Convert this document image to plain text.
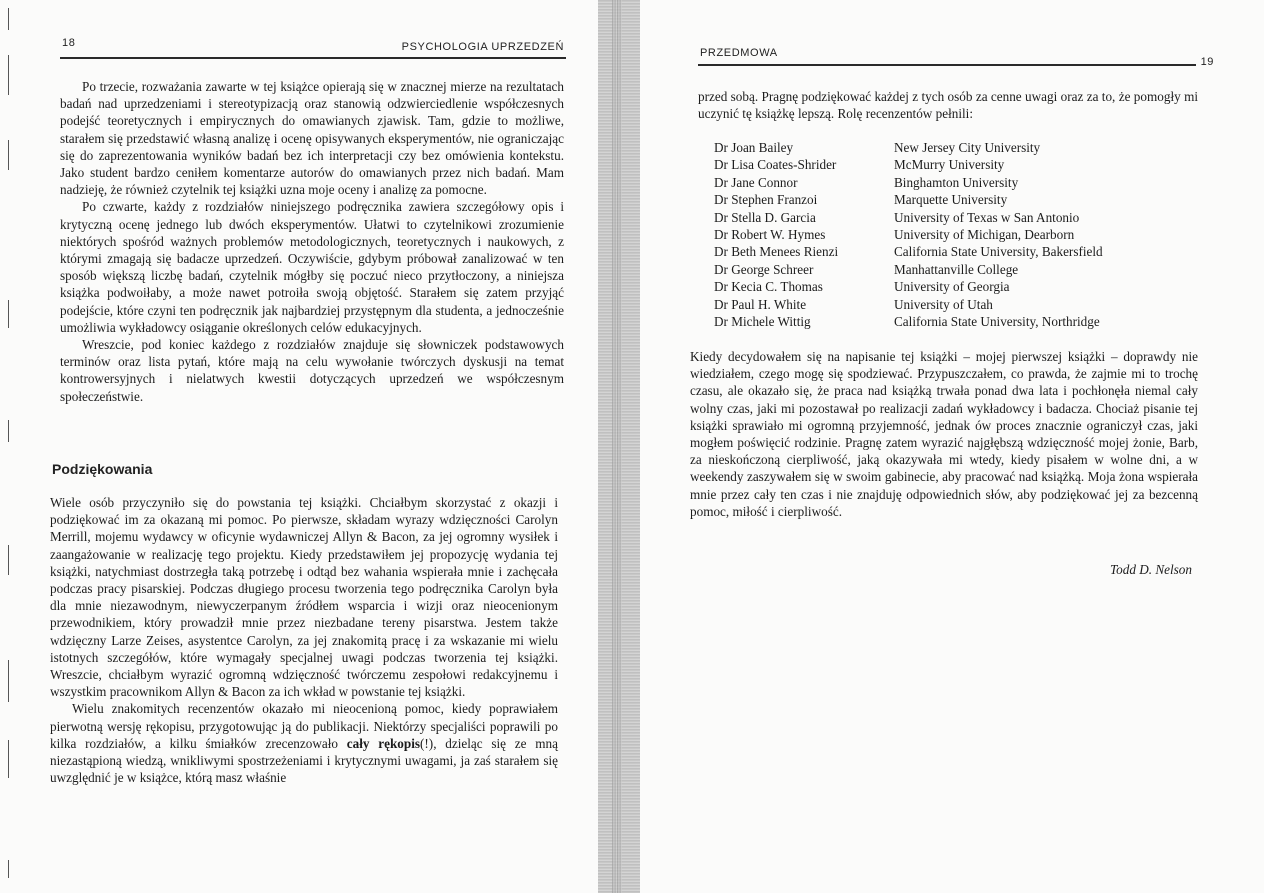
18	PSYCHOLOGIA UPRZEDZEŃ

Po trzecie, rozważania zawarte w tej książce opierają się w znacznej mierze na rezultatach badań nad uprzedzeniami i stereotypizacją oraz stanowią odzwierciedlenie współczesnych podejść teoretycznych i empirycznych do omawianych zjawisk. Tam, gdzie to możliwe, starałem się przedstawić własną analizę i ocenę opisywanych eksperymentów, nie ograniczając się do zaprezentowania wyników badań bez ich interpretacji czy bez omówienia kontekstu. Jako student bardzo ceniłem komentarze autorów do omawianych przez nich badań. Mam nadzieję, że również czytelnik tej książki uzna moje oceny i analizę za pomocne.

Po czwarte, każdy z rozdziałów niniejszego podręcznika zawiera szczegółowy opis i krytyczną ocenę jednego lub dwóch eksperymentów. Ułatwi to czytelnikowi zrozumienie niektórych spośród ważnych problemów metodologicznych, teoretycznych i naukowych, z którymi zmagają się badacze uprzedzeń. Oczywiście, gdybym próbował zanalizować w ten sposób większą liczbę badań, czytelnik mógłby się poczuć nieco przytłoczony, a niniejsza książka podwoiłaby, a może nawet potroiła swoją objętość. Starałem się zatem przyjąć podejście, które czyni ten podręcznik jak najbardziej przystępnym dla studenta, a jednocześnie umożliwia wykładowcy osiąganie określonych celów edukacyjnych.

Wreszcie, pod koniec każdego z rozdziałów znajduje się słowniczek podstawowych terminów oraz lista pytań, które mają na celu wywołanie twórczych dyskusji na temat kontrowersyjnych i nielatwych kwestii dotyczących uprzedzeń we współczesnym społeczeństwie.

Podziękowania

Wiele osób przyczyniło się do powstania tej książki. Chciałbym skorzystać z okazji i podziękować im za okazaną mi pomoc. Po pierwsze, składam wyrazy wdzięczności Carolyn Merrill, mojemu wydawcy w oficynie wydawniczej Allyn & Bacon, za jej ogromny wysiłek i zaangażowanie w realizację tego projektu. Kiedy przedstawiłem jej propozycję wydania tej książki, natychmiast dostrzegła taką potrzebę i odtąd bez wahania wspierała mnie i zachęcała podczas pracy pisarskiej. Podczas długiego procesu tworzenia tego podręcznika Carolyn była dla mnie niezawodnym, niewyczerpanym źródłem wsparcia i wizji oraz nieocenionym przewodnikiem, który prowadził mnie przez niezbadane tereny pisarstwa. Jestem także wdzięczny Larze Zeises, asystentce Carolyn, za jej znakomitą pracę i za wskazanie mi wielu istotnych szczegółów, które wymagały specjalnej uwagi podczas tworzenia tej książki. Wreszcie, chciałbym wyrazić ogromną wdzięczność twórczemu zespołowi redakcyjnemu i wszystkim pracownikom Allyn & Bacon za ich wkład w powstanie tej książki.

Wielu znakomitych recenzentów okazało mi nieocenioną pomoc, kiedy poprawiałem pierwotną wersję rękopisu, przygotowując ją do publikacji. Niektórzy specjaliści poprawili po kilka rozdziałów, a kilku śmiałków zrecenzowało cały rękopis(!), dzieląc się ze mną niezastąpioną wiedzą, wnikliwymi spostrzeżeniami i krytycznymi uwagami, ja zaś starałem się uwzględnić je w książce, którą masz właśnie

PRZEDMOWA
19

przed sobą. Pragnę podziękować każdej z tych osób za cenne uwagi oraz za to, że pomogły mi uczynić tę książkę lepszą. Rolę recenzentów pełnili:

Dr Joan Bailey	New Jersey City University
Dr Lisa Coates-Shrider	McMurry University
Dr Jane Connor	Binghamton University
Dr Stephen Franzoi	Marquette University
Dr Stella D. Garcia	University of Texas w San Antonio
Dr Robert W. Hymes	University of Michigan, Dearborn
Dr Beth Menees Rienzi	California State University, Bakersfield
Dr George Schreer	Manhattanville College
Dr Kecia C. Thomas	University of Georgia
Dr Paul H. White	University of Utah
Dr Michele Wittig	California State University, Northridge

Kiedy decydowałem się na napisanie tej książki – mojej pierwszej książki – doprawdy nie wiedziałem, czego mogę się spodziewać. Przypuszczałem, co prawda, że zajmie mi to trochę czasu, ale okazało się, że praca nad książką trwała ponad dwa lata i pochłonęła niemal cały wolny czas, jaki mi pozostawał po realizacji zadań wykładowcy i badacza. Chociaż pisanie tej książki sprawiało mi ogromną przyjemność, jednak ów proces znacznie ograniczył czas, jaki mogłem poświęcić rodzinie. Pragnę zatem wyrazić najgłębszą wdzięczność mojej żonie, Barb, za nieskończoną cierpliwość, jaką okazywała mi wtedy, kiedy pisałem w wolne dni, a w weekendy zaszywałem się w swoim gabinecie, aby pracować nad książką. Moja żona wspierała mnie przez cały ten czas i nie znajduję odpowiednich słów, aby podziękować jej za bezcenną pomoc, miłość i cierpliwość.

Todd D. Nelson
